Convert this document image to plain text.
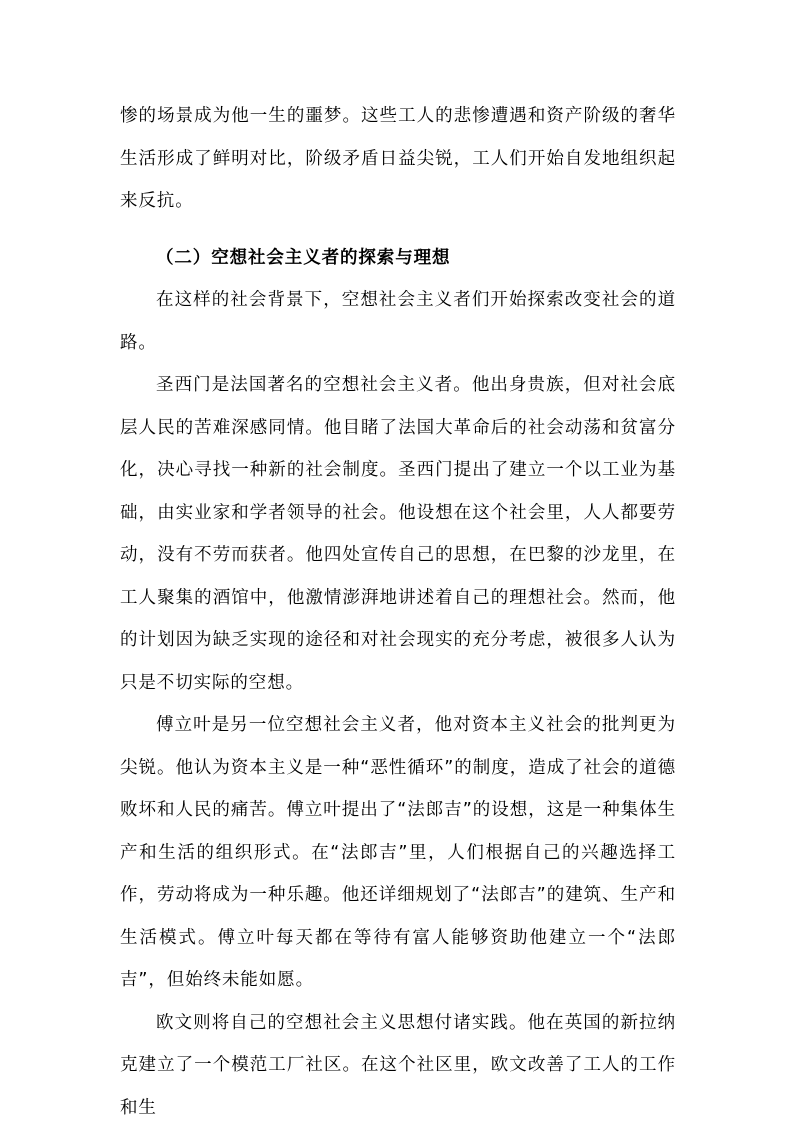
惨的场景成为他一生的噩梦。这些工人的悲惨遭遇和资产阶级的奢华生活形成了鲜明对比，阶级矛盾日益尖锐，工人们开始自发地组织起来反抗。

（二）空想社会主义者的探索与理想

在这样的社会背景下，空想社会主义者们开始探索改变社会的道路。

圣西门是法国著名的空想社会主义者。他出身贵族，但对社会底层人民的苦难深感同情。他目睹了法国大革命后的社会动荡和贫富分化，决心寻找一种新的社会制度。圣西门提出了建立一个以工业为基础，由实业家和学者领导的社会。他设想在这个社会里，人人都要劳动，没有不劳而获者。他四处宣传自己的思想，在巴黎的沙龙里，在工人聚集的酒馆中，他激情澎湃地讲述着自己的理想社会。然而，他的计划因为缺乏实现的途径和对社会现实的充分考虑，被很多人认为只是不切实际的空想。

傅立叶是另一位空想社会主义者，他对资本主义社会的批判更为尖锐。他认为资本主义是一种“恶性循环”的制度，造成了社会的道德败坏和人民的痛苦。傅立叶提出了“法郎吉”的设想，这是一种集体生产和生活的组织形式。在“法郎吉”里，人们根据自己的兴趣选择工作，劳动将成为一种乐趣。他还详细规划了“法郎吉”的建筑、生产和生活模式。傅立叶每天都在等待有富人能够资助他建立一个“法郎吉”，但始终未能如愿。

欧文则将自己的空想社会主义思想付诸实践。他在英国的新拉纳克建立了一个模范工厂社区。在这个社区里，欧文改善了工人的工作和生
